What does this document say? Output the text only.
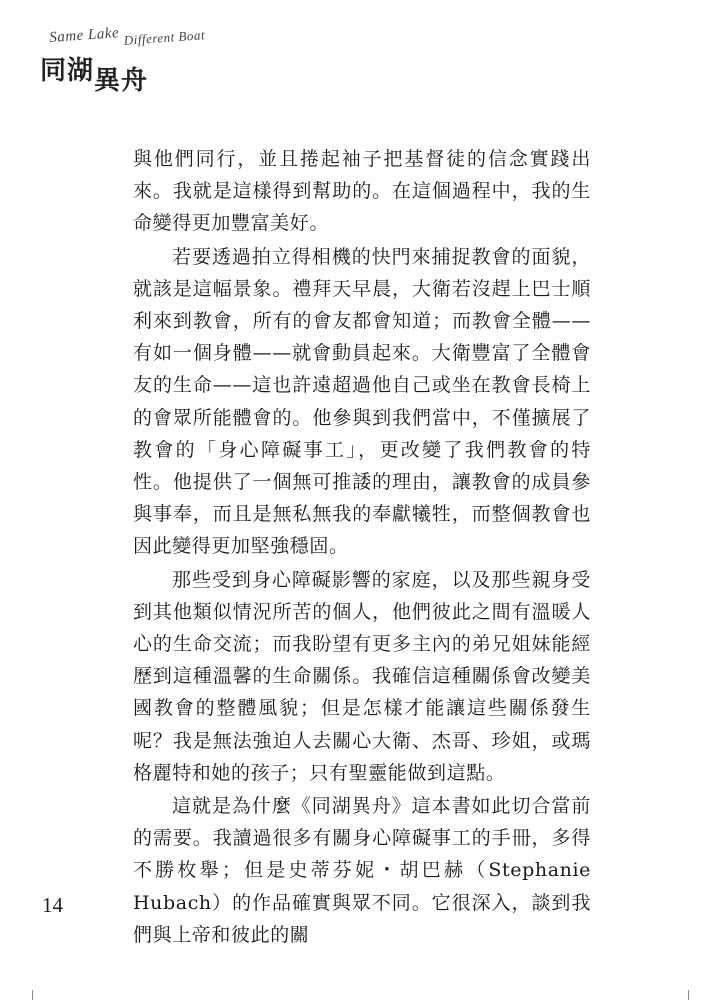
Same Lake Different Boat
同湖異舟

與他們同行，並且捲起袖子把基督徒的信念實踐出來。我就是這樣得到幫助的。在這個過程中，我的生命變得更加豐富美好。

若要透過拍立得相機的快門來捕捉教會的面貌，就該是這幅景象。禮拜天早晨，大衛若沒趕上巴士順利來到教會，所有的會友都會知道；而教會全體——有如一個身體——就會動員起來。大衛豐富了全體會友的生命——這也許遠超過他自己或坐在教會長椅上的會眾所能體會的。他參與到我們當中，不僅擴展了教會的「身心障礙事工」，更改變了我們教會的特性。他提供了一個無可推諉的理由，讓教會的成員參與事奉，而且是無私無我的奉獻犧牲，而整個教會也因此變得更加堅強穩固。

那些受到身心障礙影響的家庭，以及那些親身受到其他類似情況所苦的個人，他們彼此之間有溫暖人心的生命交流；而我盼望有更多主內的弟兄姐妹能經歷到這種溫馨的生命關係。我確信這種關係會改變美國教會的整體風貌；但是怎樣才能讓這些關係發生呢？我是無法強迫人去關心大衛、杰哥、珍姐，或瑪格麗特和她的孩子；只有聖靈能做到這點。

這就是為什麼《同湖異舟》這本書如此切合當前的需要。我讀過很多有關身心障礙事工的手冊，多得不勝枚舉；但是史蒂芬妮・胡巴赫（Stephanie Hubach）的作品確實與眾不同。它很深入，談到我們與上帝和彼此的關

14
